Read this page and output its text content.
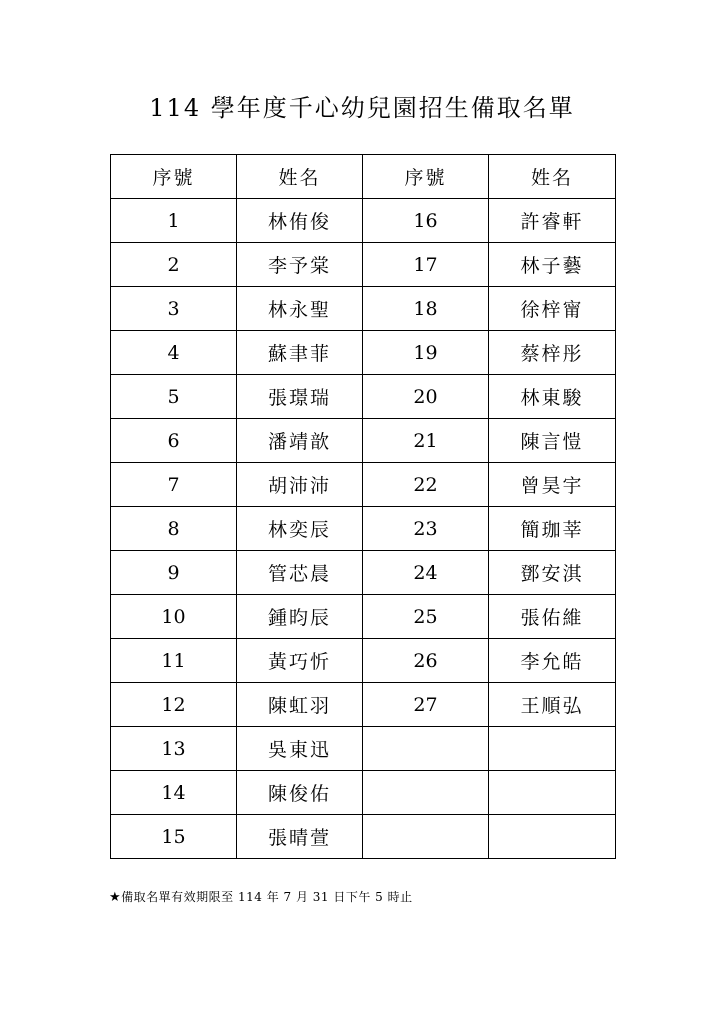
114 學年度千心幼兒園招生備取名單
序號	姓名	序號	姓名
1	林侑俊	16	許睿軒
2	李予棠	17	林子藝
3	林永聖	18	徐梓甯
4	蘇聿菲	19	蔡梓彤
5	張璟瑞	20	林東駿
6	潘靖歆	21	陳言愷
7	胡沛沛	22	曾昊宇
8	林奕辰	23	簡珈莘
9	管芯晨	24	鄧安淇
10	鍾昀辰	25	張佑維
11	黃巧忻	26	李允皓
12	陳虹羽	27	王順弘
13	吳東迅		
14	陳俊佑		
15	張晴萱		
★備取名單有效期限至 114 年 7 月 31 日下午 5 時止
